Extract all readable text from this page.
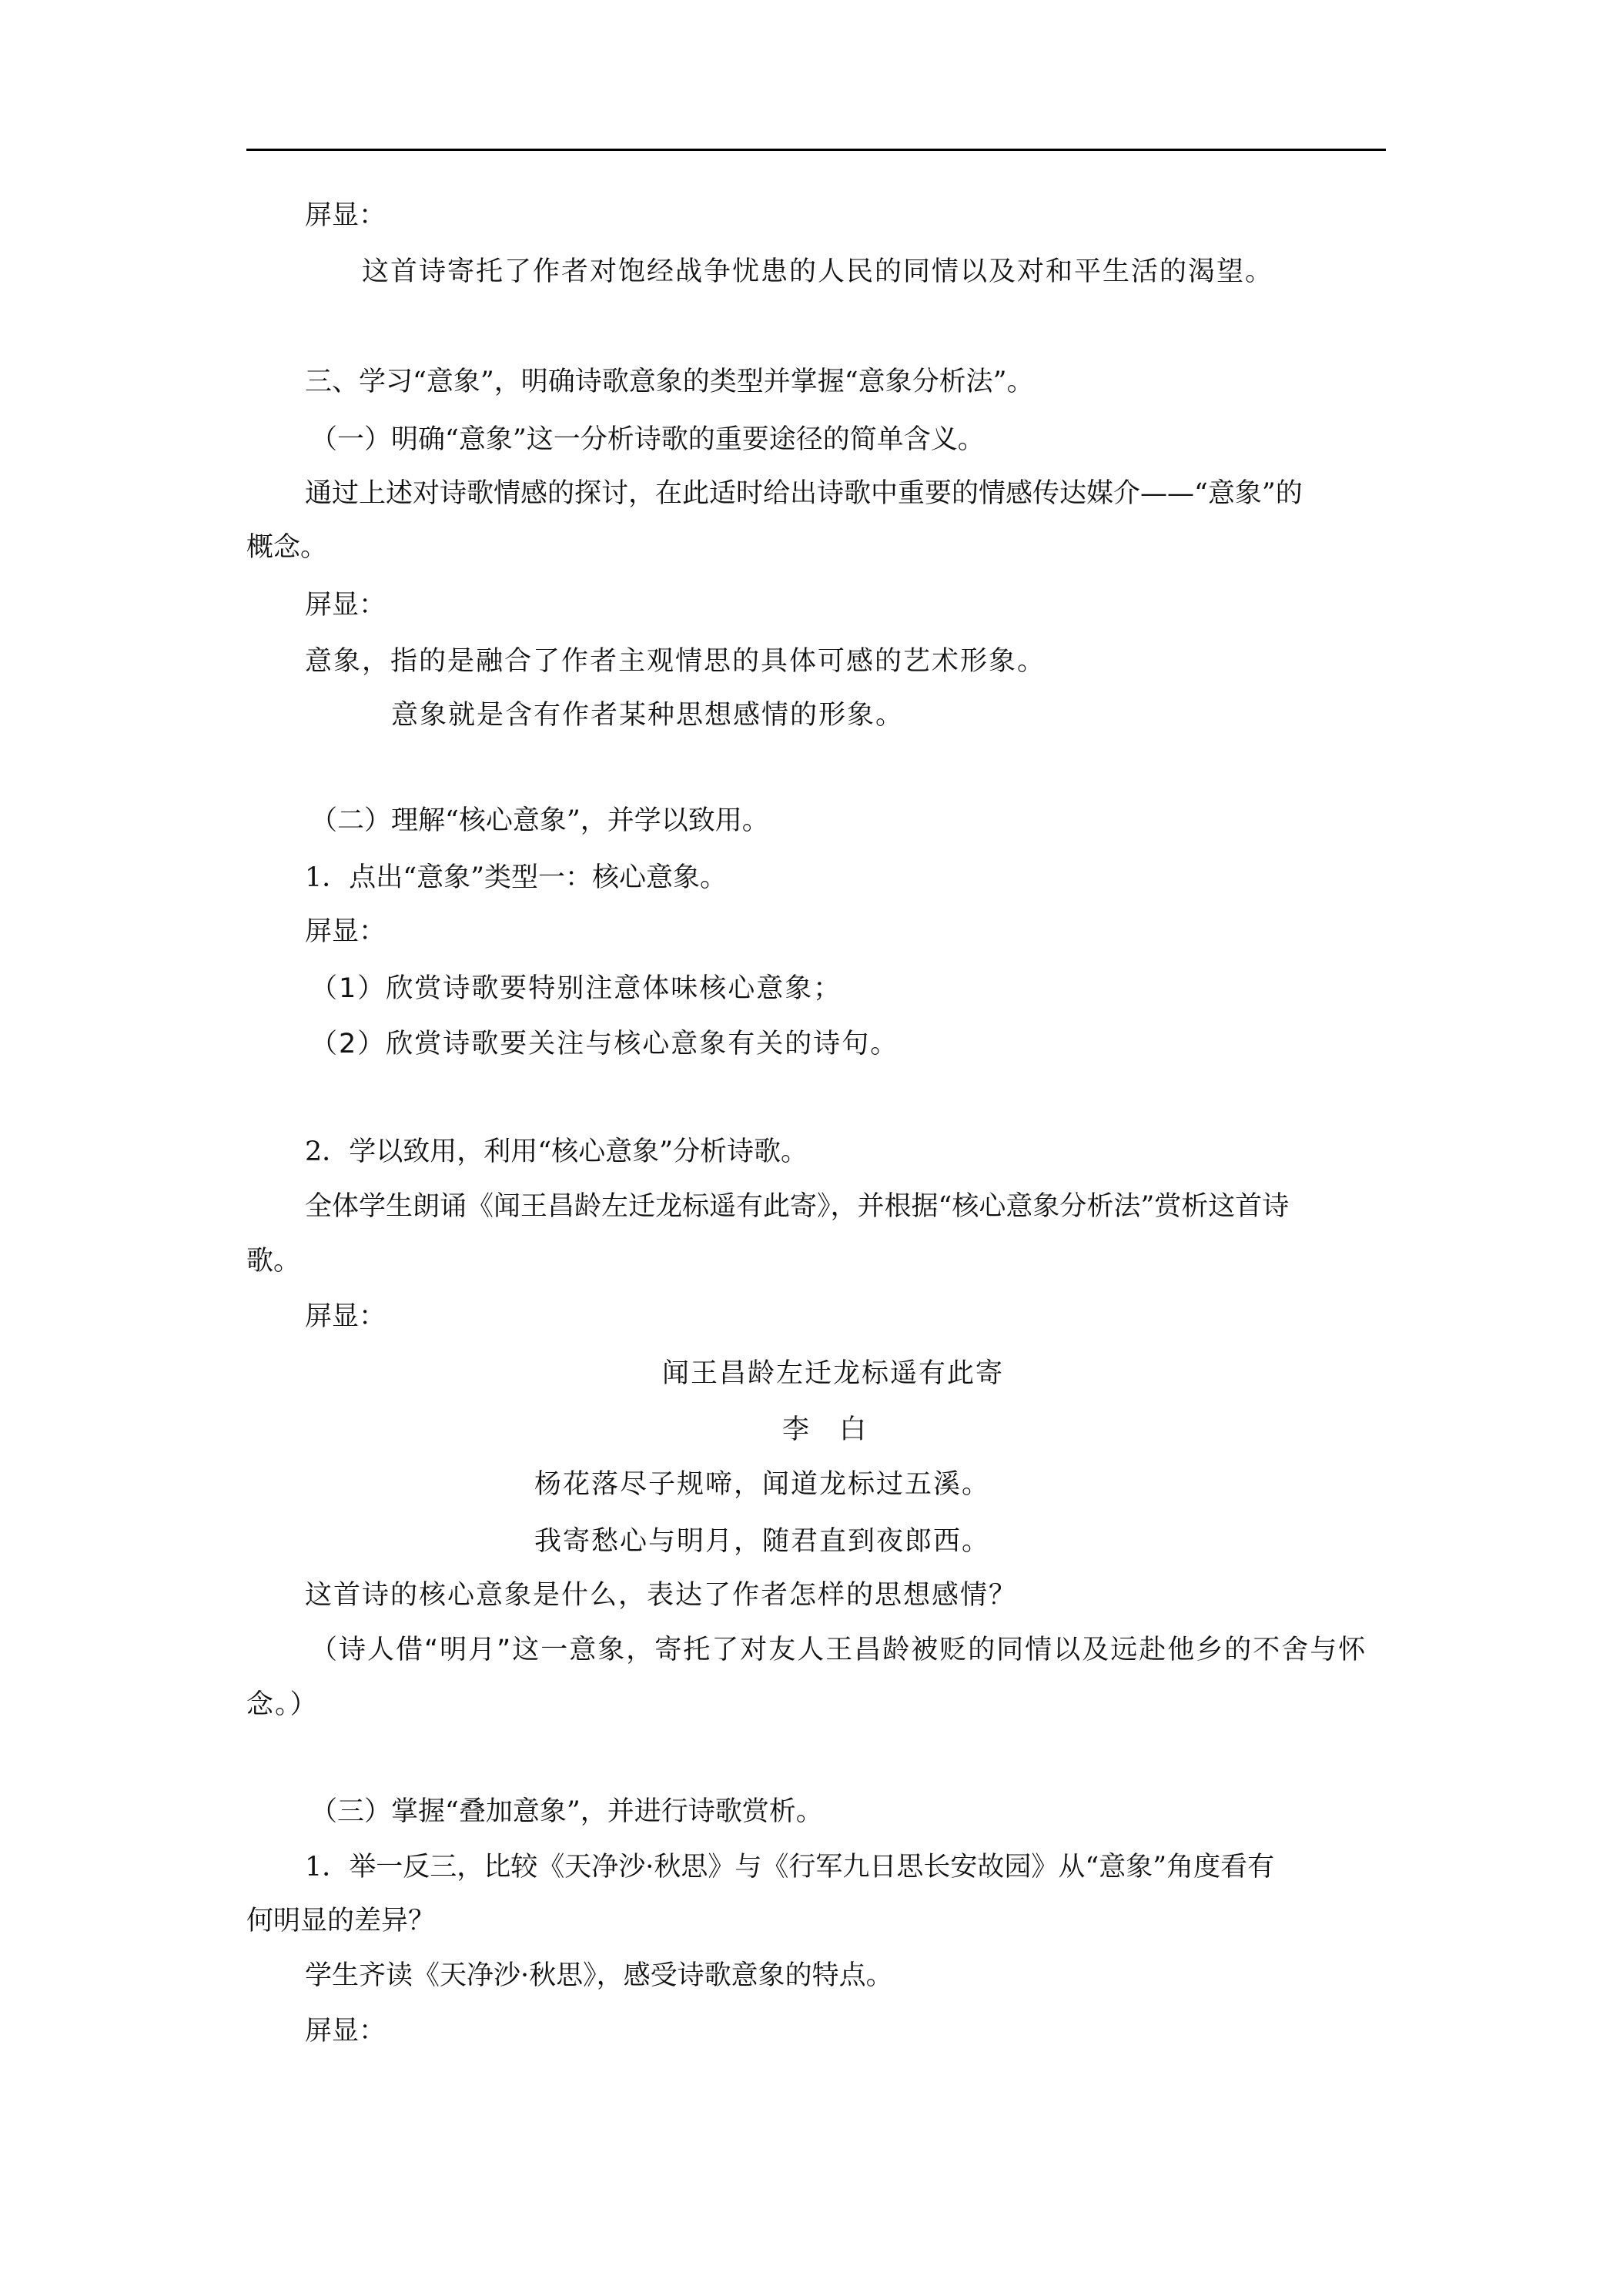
屏显：
这首诗寄托了作者对饱经战争忧患的人民的同情以及对和平生活的渴望。
三、学习“意象”，明确诗歌意象的类型并掌握“意象分析法”。
（一）明确“意象”这一分析诗歌的重要途径的简单含义。
通过上述对诗歌情感的探讨，在此适时给出诗歌中重要的情感传达媒介——“意象”的
概念。
屏显：
意象，指的是融合了作者主观情思的具体可感的艺术形象。
意象就是含有作者某种思想感情的形象。
（二）理解“核心意象”，并学以致用。
1．点出“意象”类型一：核心意象。
屏显：
（1）欣赏诗歌要特别注意体味核心意象；
（2）欣赏诗歌要关注与核心意象有关的诗句。
2．学以致用，利用“核心意象”分析诗歌。
全体学生朗诵《闻王昌龄左迁龙标遥有此寄》，并根据“核心意象分析法”赏析这首诗
歌。
屏显：
闻王昌龄左迁龙标遥有此寄
李　白
杨花落尽子规啼，闻道龙标过五溪。
我寄愁心与明月，随君直到夜郎西。
这首诗的核心意象是什么，表达了作者怎样的思想感情？
（诗人借“明月”这一意象，寄托了对友人王昌龄被贬的同情以及远赴他乡的不舍与怀
念。）
（三）掌握“叠加意象”，并进行诗歌赏析。
1．举一反三，比较《天净沙·秋思》与《行军九日思长安故园》从“意象”角度看有
何明显的差异？
学生齐读《天净沙·秋思》，感受诗歌意象的特点。
屏显：
